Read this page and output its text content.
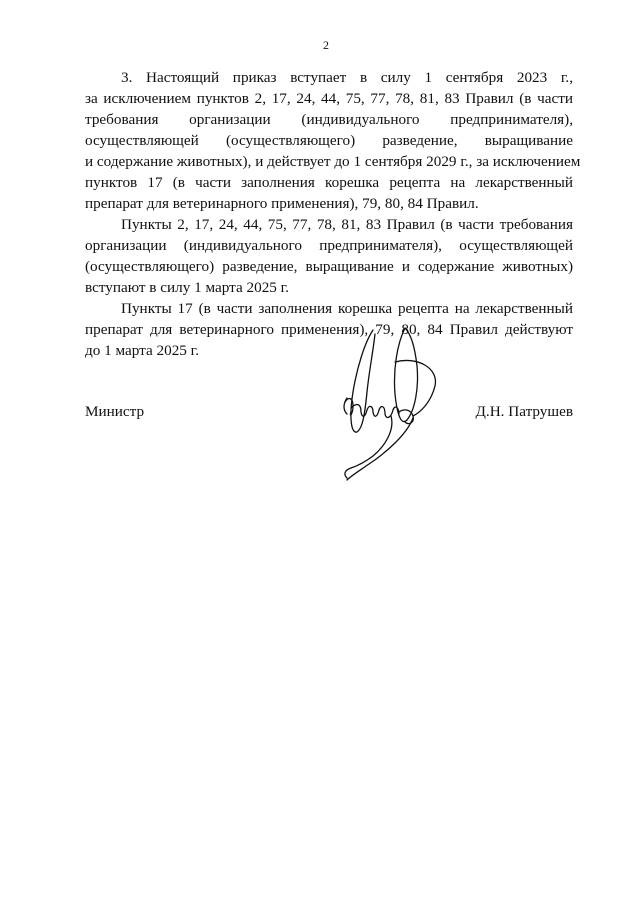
2
3. Настоящий приказ вступает в силу 1 сентября 2023 г.,
за исключением пунктов 2, 17, 24, 44, 75, 77, 78, 81, 83 Правил (в части
требования организации (индивидуального предпринимателя),
осуществляющей (осуществляющего) разведение, выращивание
и содержание животных), и действует до 1 сентября 2029 г., за исключением
пунктов 17 (в части заполнения корешка рецепта на лекарственный
препарат для ветеринарного применения), 79, 80, 84 Правил.
Пункты 2, 17, 24, 44, 75, 77, 78, 81, 83 Правил (в части требования
организации (индивидуального предпринимателя), осуществляющей
(осуществляющего) разведение, выращивание и содержание животных)
вступают в силу 1 марта 2025 г.
Пункты 17 (в части заполнения корешка рецепта на лекарственный
препарат для ветеринарного применения), 79, 80, 84 Правил действуют
до 1 марта 2025 г.
Министр	Д.Н. Патрушев
